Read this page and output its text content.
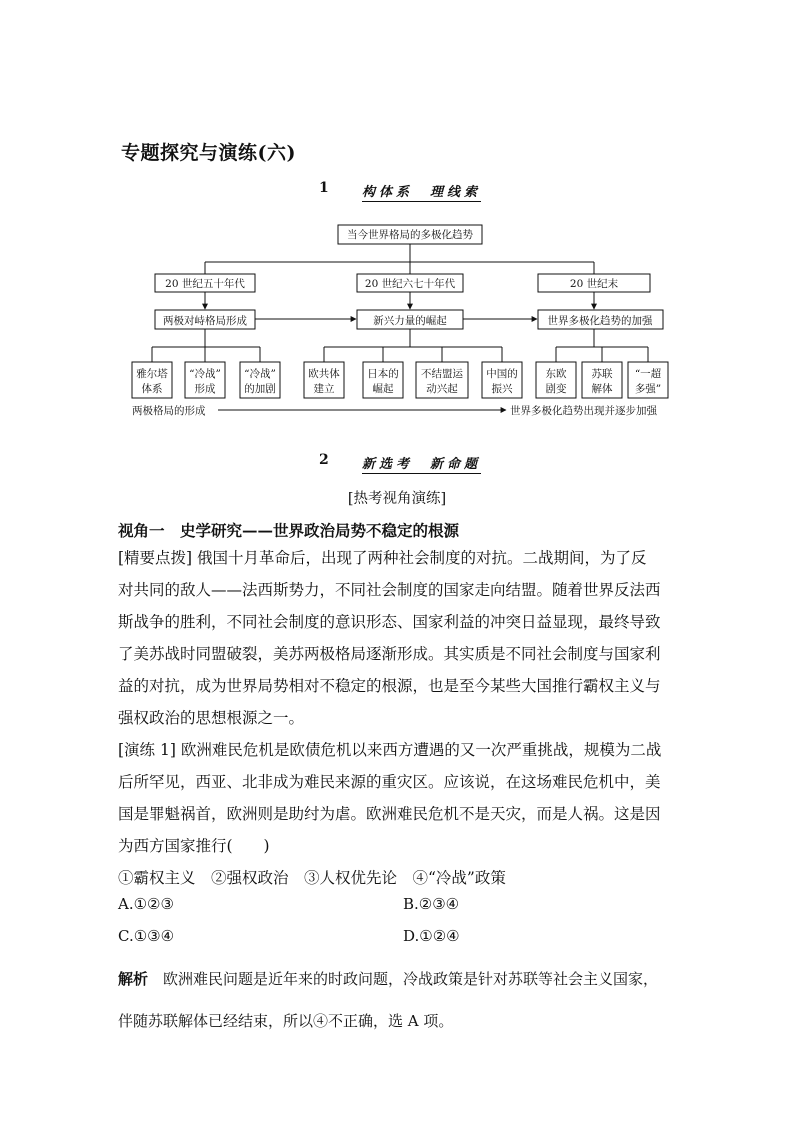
专题探究与演练(六)
1	构体系　理线索
当今世界格局的多极化趋势
20 世纪五十年代	20 世纪六七十年代	20 世纪末
两极对峙格局形成	新兴力量的崛起	世界多极化趋势的加强
雅尔塔
体系
“冷战”
形成
“冷战”
的加剧
欧共体
建立
日本的
崛起
不结盟运
动兴起
中国的
振兴
东欧
剧变
苏联
解体
“一超
多强”
两极格局的形成	世界多极化趋势出现并逐步加强
2	新选考　新命题
[热考视角演练]
视角一　史学研究——世界政治局势不稳定的根源

[精要点拨] 俄国十月革命后，出现了两种社会制度的对抗。二战期间，为了反

对共同的敌人——法西斯势力，不同社会制度的国家走向结盟。随着世界反法西

斯战争的胜利，不同社会制度的意识形态、国家利益的冲突日益显现，最终导致

了美苏战时同盟破裂，美苏两极格局逐渐形成。其实质是不同社会制度与国家利

益的对抗，成为世界局势相对不稳定的根源，也是至今某些大国推行霸权主义与

强权政治的思想根源之一。

[演练 1] 欧洲难民危机是欧债危机以来西方遭遇的又一次严重挑战，规模为二战

后所罕见，西亚、北非成为难民来源的重灾区。应该说，在这场难民危机中，美

国是罪魁祸首，欧洲则是助纣为虐。欧洲难民危机不是天灾，而是人祸。这是因

为西方国家推行(　　)

①霸权主义　②强权政治　③人权优先论　④“冷战”政策

A.①②③	B.②③④
C.①③④	D.①②④

解析　欧洲难民问题是近年来的时政问题，冷战政策是针对苏联等社会主义国家，

伴随苏联解体已经结束，所以④不正确，选 A 项。
